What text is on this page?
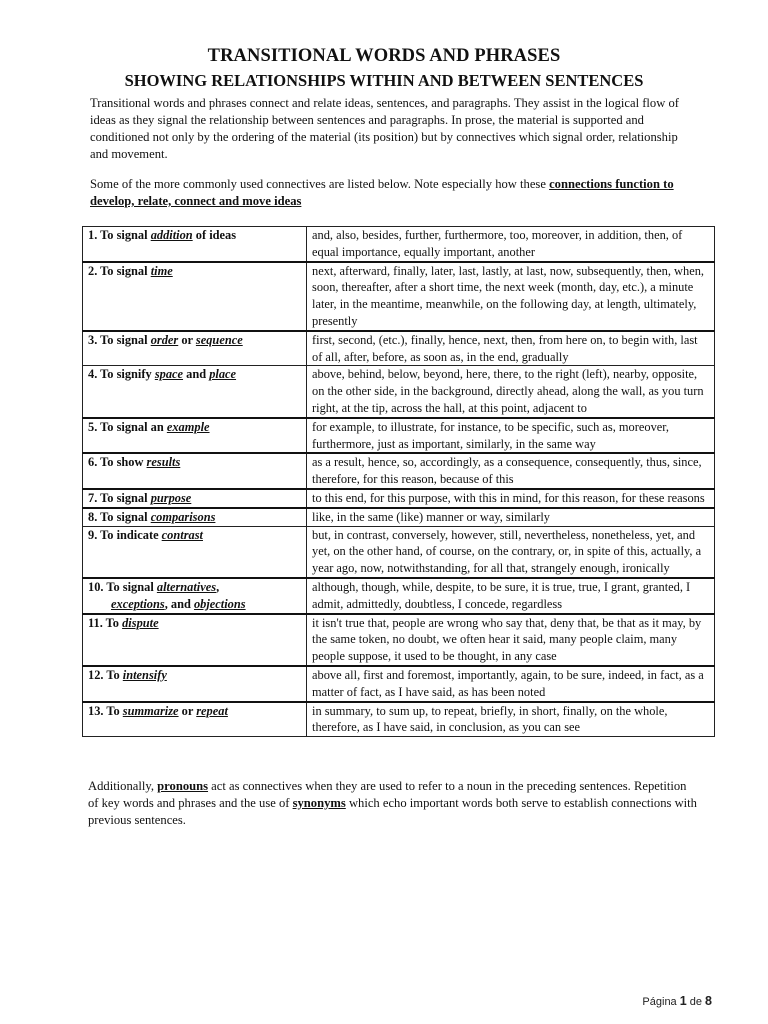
TRANSITIONAL WORDS AND PHRASES
SHOWING RELATIONSHIPS WITHIN AND BETWEEN SENTENCES

Transitional words and phrases connect and relate ideas, sentences, and paragraphs. They assist in the logical flow of ideas as they signal the relationship between sentences and paragraphs. In prose, the material is supported and conditioned not only by the ordering of the material (its position) but by connectives which signal order, relationship and movement.

Some of the more commonly used connectives are listed below. Note especially how these connections function to develop, relate, connect and move ideas

1. To signal addition of ideas	and, also, besides, further, furthermore, too, moreover, in addition, then, of equal importance, equally important, another
2. To signal time	next, afterward, finally, later, last, lastly, at last, now, subsequently, then, when, soon, thereafter, after a short time, the next week (month, day, etc.), a minute later, in the meantime, meanwhile, on the following day, at length, ultimately, presently
3. To signal order or sequence	first, second, (etc.), finally, hence, next, then, from here on, to begin with, last of all, after, before, as soon as, in the end, gradually
4. To signify space and place	above, behind, below, beyond, here, there, to the right (left), nearby, opposite, on the other side, in the background, directly ahead, along the wall, as you turn right, at the tip, across the hall, at this point, adjacent to
5. To signal an example	for example, to illustrate, for instance, to be specific, such as, moreover, furthermore, just as important, similarly, in the same way
6. To show results	as a result, hence, so, accordingly, as a consequence, consequently, thus, since, therefore, for this reason, because of this
7. To signal purpose	to this end, for this purpose, with this in mind, for this reason, for these reasons
8. To signal comparisons	like, in the same (like) manner or way, similarly
9. To indicate contrast	but, in contrast, conversely, however, still, nevertheless, nonetheless, yet, and yet, on the other hand, of course, on the contrary, or, in spite of this, actually, a year ago, now, notwithstanding, for all that, strangely enough, ironically
10. To signal alternatives,
exceptions, and objections	although, though, while, despite, to be sure, it is true, true, I grant, granted, I admit, admittedly, doubtless, I concede, regardless
11. To dispute	it isn't true that, people are wrong who say that, deny that, be that as it may, by the same token, no doubt, we often hear it said, many people claim, many people suppose, it used to be thought, in any case
12. To intensify	above all, first and foremost, importantly, again, to be sure, indeed, in fact, as a matter of fact, as I have said, as has been noted
13. To summarize or repeat	in summary, to sum up, to repeat, briefly, in short, finally, on the whole, therefore, as I have said, in conclusion, as you can see
Additionally, pronouns act as connectives when they are used to refer to a noun in the preceding sentences. Repetition of key words and phrases and the use of synonyms which echo important words both serve to establish connections with previous sentences.
Página 1 de 8
